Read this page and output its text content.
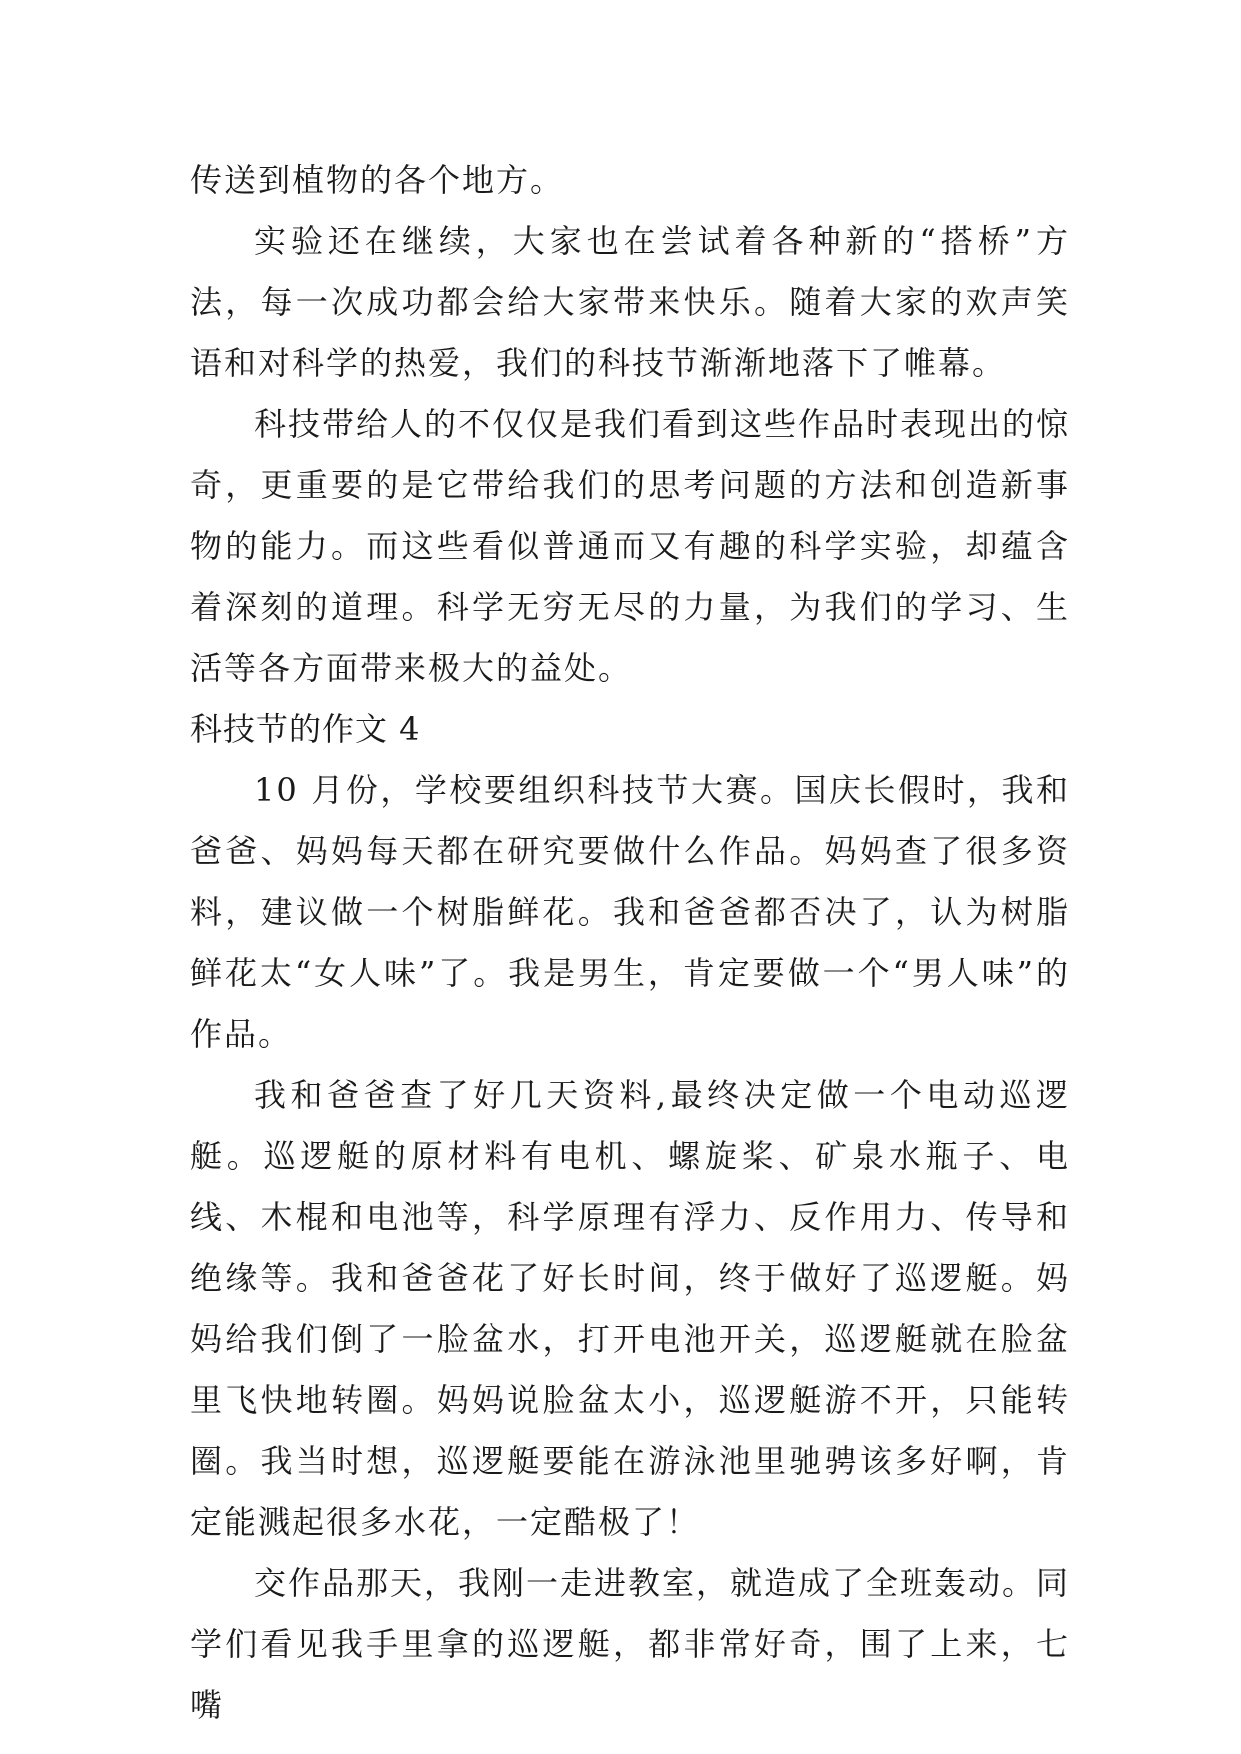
传送到植物的各个地方。

实验还在继续，大家也在尝试着各种新的“搭桥”方法，每一次成功都会给大家带来快乐。随着大家的欢声笑语和对科学的热爱，我们的科技节渐渐地落下了帷幕。

科技带给人的不仅仅是我们看到这些作品时表现出的惊奇，更重要的是它带给我们的思考问题的方法和创造新事物的能力。而这些看似普通而又有趣的科学实验，却蕴含着深刻的道理。科学无穷无尽的力量，为我们的学习、生活等各方面带来极大的益处。

科技节的作文 4

10 月份，学校要组织科技节大赛。国庆长假时，我和爸爸、妈妈每天都在研究要做什么作品。妈妈查了很多资料，建议做一个树脂鲜花。我和爸爸都否决了，认为树脂鲜花太“女人味”了。我是男生，肯定要做一个“男人味”的作品。

我和爸爸查了好几天资料,最终决定做一个电动巡逻艇。巡逻艇的原材料有电机、螺旋桨、矿泉水瓶子、电线、木棍和电池等，科学原理有浮力、反作用力、传导和绝缘等。我和爸爸花了好长时间，终于做好了巡逻艇。妈妈给我们倒了一脸盆水，打开电池开关，巡逻艇就在脸盆里飞快地转圈。妈妈说脸盆太小，巡逻艇游不开，只能转圈。我当时想，巡逻艇要能在游泳池里驰骋该多好啊，肯定能溅起很多水花，一定酷极了！

交作品那天，我刚一走进教室，就造成了全班轰动。同学们看见我手里拿的巡逻艇，都非常好奇，围了上来，七嘴
